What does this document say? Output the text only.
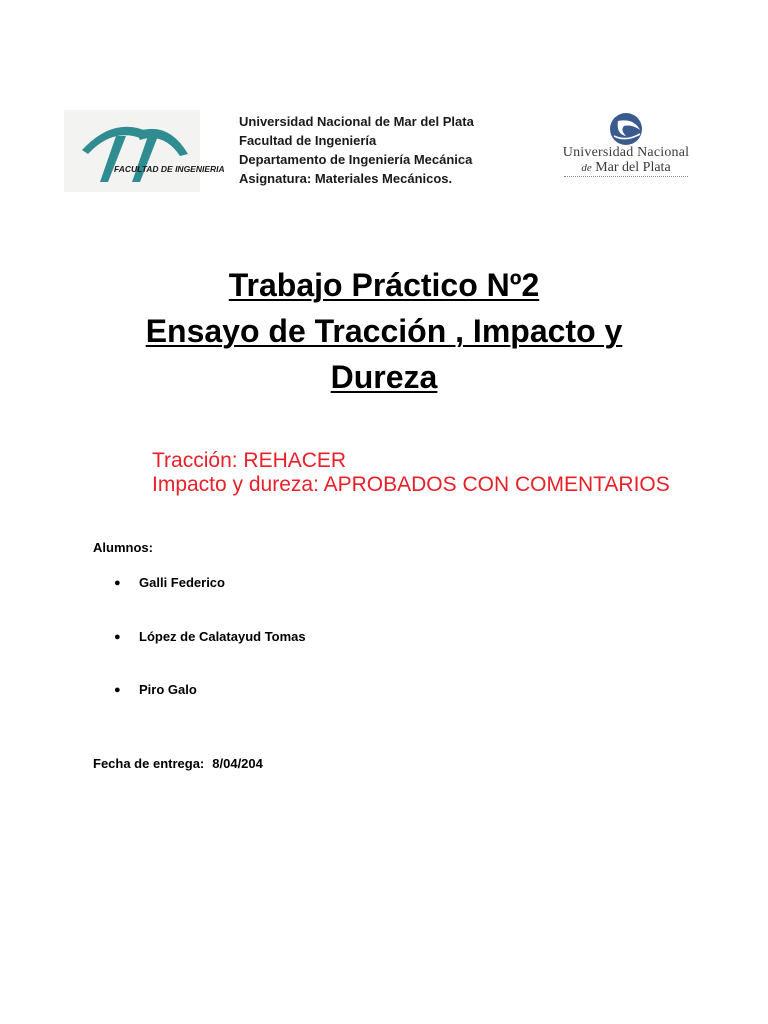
FACULTAD DE INGENIERIA
Universidad Nacional de Mar del Plata
Facultad de Ingeniería
Departamento de Ingeniería Mecánica
Asignatura: Materiales Mecánicos.
Universidad Nacional
de Mar del Plata
Trabajo Práctico Nº2
Ensayo de Tracción , Impacto y
Dureza
Tracción: REHACER
Impacto y dureza: APROBADOS CON COMENTARIOS
Alumnos:
●	Galli Federico
●	López de Calatayud Tomas
●	Piro Galo
Fecha de entrega: 8/04/204
